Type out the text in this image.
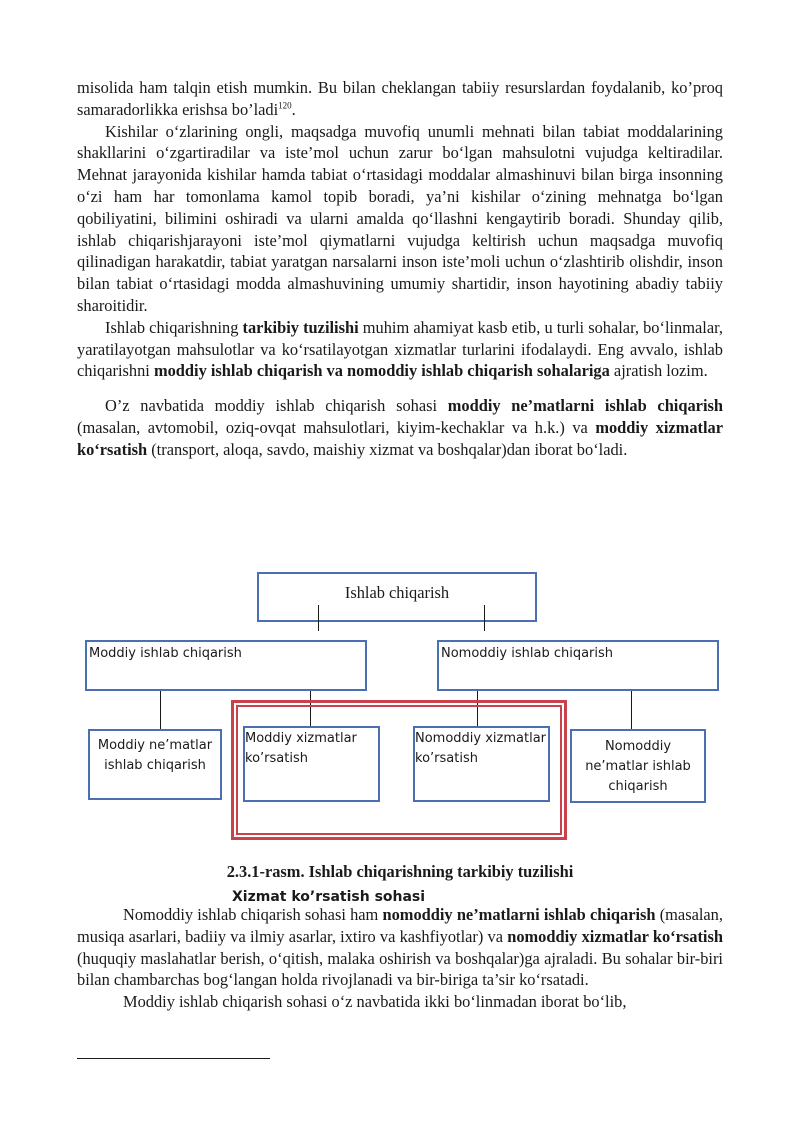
misolida ham talqin etish mumkin. Bu bilan cheklangan tabiiy resurslardan foydalanib, ko’proq samaradorlikka erishsa bo’ladi$^{120}$.

Kishilar o‘zlarining ongli, maqsadga muvofiq unumli mehnati bilan tabiat moddalarining shakllarini o‘zgartiradilar va iste’mol uchun zarur bo‘lgan mahsulotni vujudga keltiradilar. Mehnat jarayonida kishilar hamda tabiat o‘rtasidagi moddalar almashinuvi bilan birga insonning o‘zi ham har tomonlama kamol topib boradi, ya’ni kishilar o‘zining mehnatga bo‘lgan qobiliyatini, bilimini oshiradi va ularni amalda qo‘llashni kengaytirib boradi. Shunday qilib, ishlab chiqarishjarayoni iste’mol qiymatlarni vujudga keltirish uchun maqsadga muvofiq qilinadigan harakatdir, tabiat yaratgan narsalarni inson iste’moli uchun o‘zlashtirib olishdir, inson bilan tabiat o‘rtasidagi modda almashuvining umumiy shartidir, inson hayotining abadiy tabiiy sharoitidir.

Ishlab chiqarishning tarkibiy tuzilishi muhim ahamiyat kasb etib, u turli sohalar, bo‘linmalar, yaratilayotgan mahsulotlar va ko‘rsatilayotgan xizmatlar turlarini ifodalaydi. Eng avvalo, ishlab chiqarishni moddiy ishlab chiqarish va nomoddiy ishlab chiqarish sohalariga ajratish lozim.

O’z navbatida moddiy ishlab chiqarish sohasi moddiy ne’matlarni ishlab chiqarish (masalan, avtomobil, oziq-ovqat mahsulotlari, kiyim-kechaklar va h.k.) va moddiy xizmatlar ko‘rsatish (transport, aloqa, savdo, maishiy xizmat va boshqalar)dan iborat bo‘ladi.

Ishlab chiqarish
Moddiy ishlab chiqarish	Nomoddiy ishlab chiqarish
Moddiy ne’matlar ishlab chiqarish
Moddiy xizmatlar ko’rsatish
Nomoddiy xizmatlar ko’rsatish
Nomoddiy ne’matlar ishlab chiqarish
2.3.1-rasm. Ishlab chiqarishning tarkibiy tuzilishi
Xizmat ko’rsatish sohasi

Nomoddiy ishlab chiqarish sohasi ham nomoddiy ne’matlarni ishlab chiqarish (masalan, musiqa asarlari, badiiy va ilmiy asarlar, ixtiro va kashfiyotlar) va nomoddiy xizmatlar ko‘rsatish (huquqiy maslahatlar berish, o‘qitish, malaka oshirish va boshqalar)ga ajraladi. Bu sohalar bir-biri bilan chambarchas bog‘langan holda rivojlanadi va bir-biriga ta’sir ko‘rsatadi.

Moddiy ishlab chiqarish sohasi o‘z navbatida ikki bo‘linmadan iborat bo‘lib,
